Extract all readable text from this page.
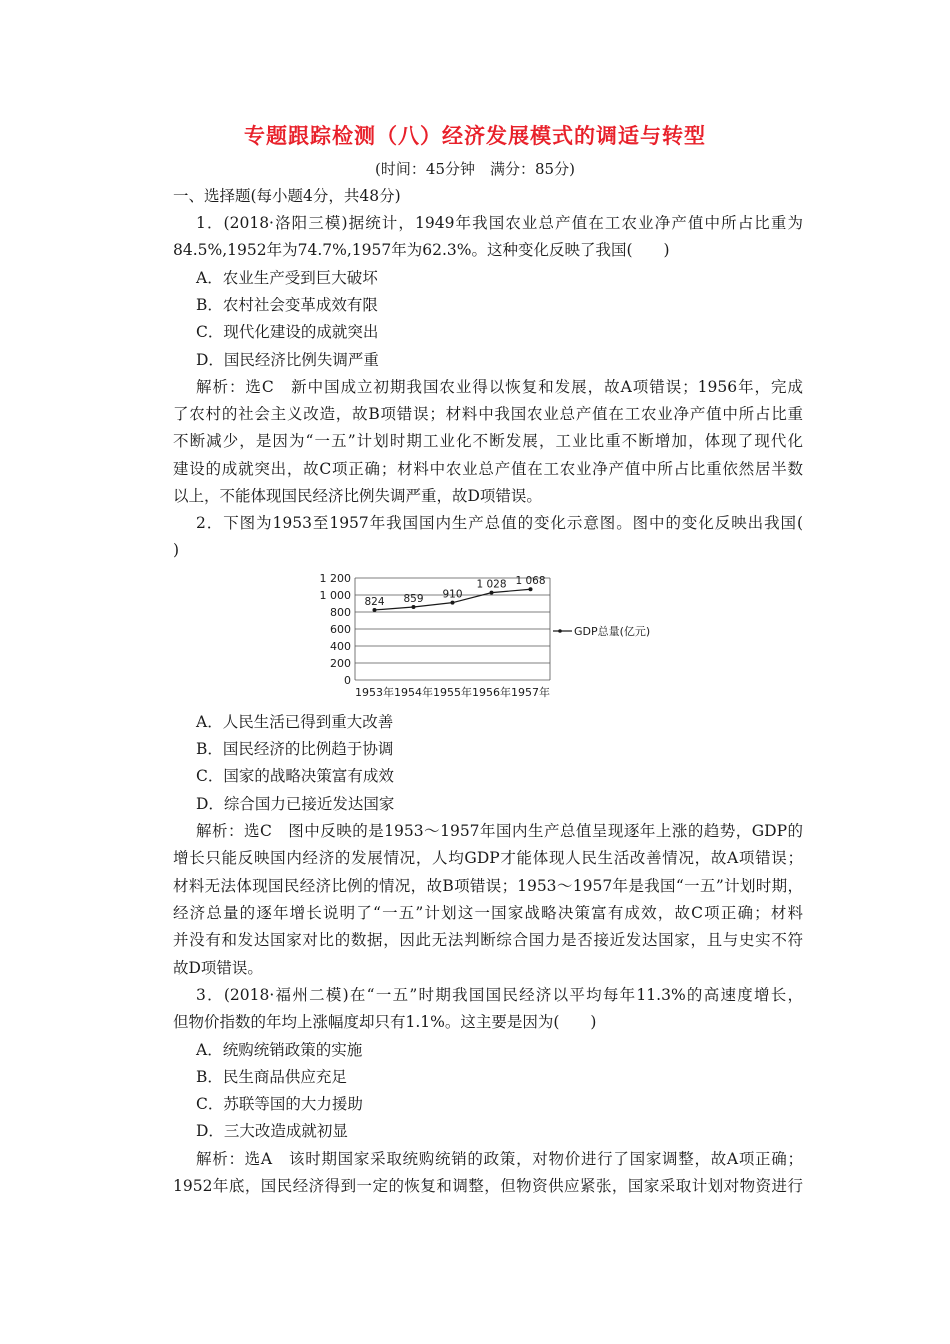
专题跟踪检测（八）经济发展模式的调适与转型
(时间：45分钟　满分：85分)
一、选择题(每小题4分，共48分)
1．(2018·洛阳三模)据统计，1949年我国农业总产值在工农业净产值中所占比重为
84.5%,1952年为74.7%,1957年为62.3%。这种变化反映了我国(　　)
A．农业生产受到巨大破坏
B．农村社会变革成效有限
C．现代化建设的成就突出
D．国民经济比例失调严重
解析：选C　新中国成立初期我国农业得以恢复和发展，故A项错误；1956年，完成
了农村的社会主义改造，故B项错误；材料中我国农业总产值在工农业净产值中所占比重
不断减少，是因为“一五”计划时期工业化不断发展，工业比重不断增加，体现了现代化
建设的成就突出，故C项正确；材料中农业总产值在工农业净产值中所占比重依然居半数
以上，不能体现国民经济比例失调严重，故D项错误。
2．下图为1953至1957年我国国内生产总值的变化示意图。图中的变化反映出我国(
)
0
200
400
600
800
1 000
1 200
1953年 1954年 1955年 1956年 1957年
824 859 910
1 028 1 068
GDP总量(亿元)
A．人民生活已得到重大改善
B．国民经济的比例趋于协调
C．国家的战略决策富有成效
D．综合国力已接近发达国家
解析：选C　图中反映的是1953～1957年国内生产总值呈现逐年上涨的趋势，GDP的
增长只能反映国内经济的发展情况，人均GDP才能体现人民生活改善情况，故A项错误；
材料无法体现国民经济比例的情况，故B项错误；1953～1957年是我国“一五”计划时期，
经济总量的逐年增长说明了“一五”计划这一国家战略决策富有成效，故C项正确；材料
并没有和发达国家对比的数据，因此无法判断综合国力是否接近发达国家，且与史实不符
故D项错误。
3．(2018·福州二模)在“一五”时期我国国民经济以平均每年11.3%的高速度增长，
但物价指数的年均上涨幅度却只有1.1%。这主要是因为(　　)
A．统购统销政策的实施
B．民生商品供应充足
C．苏联等国的大力援助
D．三大改造成就初显
解析：选A　该时期国家采取统购统销的政策，对物价进行了国家调整，故A项正确；
1952年底，国民经济得到一定的恢复和调整，但物资供应紧张，国家采取计划对物资进行
